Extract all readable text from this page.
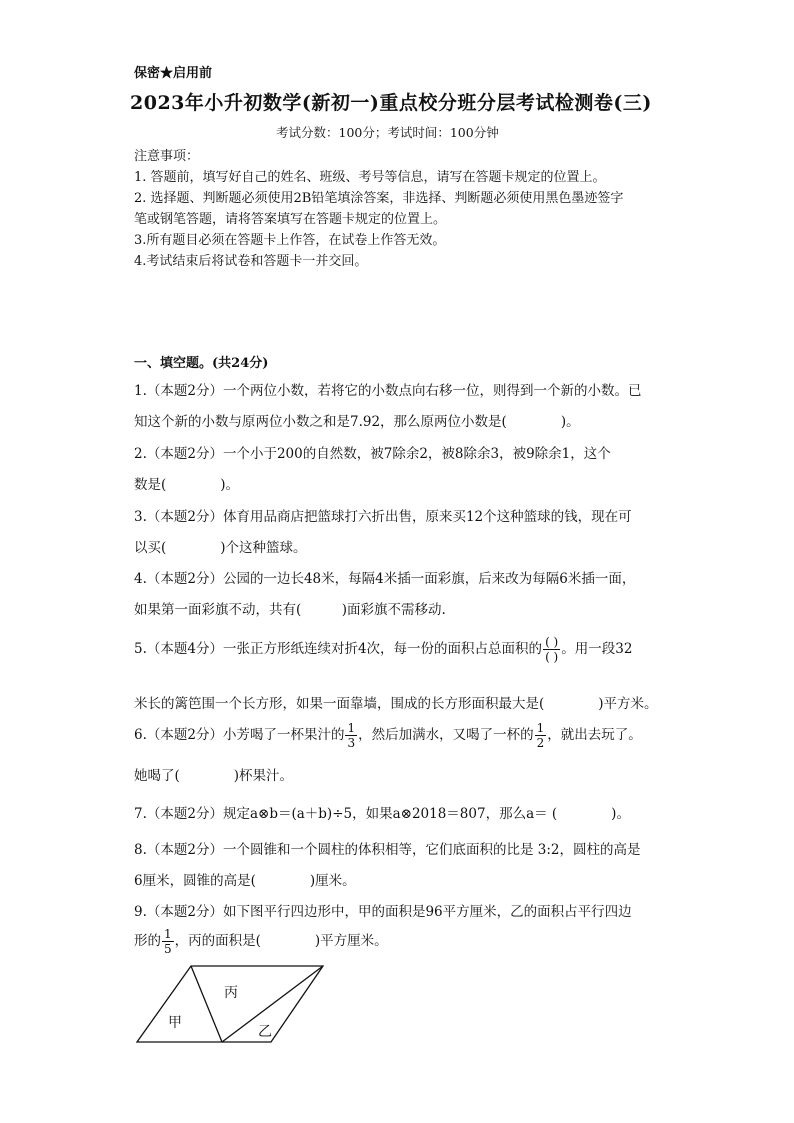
保密★启用前
2023年小升初数学(新初一)重点校分班分层考试检测卷(三)
考试分数：100分；考试时间：100分钟
注意事项：
1. 答题前，填写好自己的姓名、班级、考号等信息，请写在答题卡规定的位置上。
2. 选择题、判断题必须使用2B铅笔填涂答案，非选择、判断题必须使用黑色墨迹签字
笔或钢笔答题，请将答案填写在答题卡规定的位置上。
3.所有题目必须在答题卡上作答，在试卷上作答无效。
4.考试结束后将试卷和答题卡一并交回。
一、填空题。(共24分)
1.（本题2分）一个两位小数，若将它的小数点向右移一位，则得到一个新的小数。已
知这个新的小数与原两位小数之和是7.92，那么原两位小数是(　　　　)。
2.（本题2分）一个小于200的自然数，被7除余2，被8除余3，被9除余1，这个
数是(　　　　)。
3.（本题2分）体育用品商店把篮球打六折出售，原来买12个这种篮球的钱，现在可
以买(　　　　)个这种篮球。
4.（本题2分）公园的一边长48米，每隔4米插一面彩旗，后来改为每隔6米插一面，
如果第一面彩旗不动，共有(　　　)面彩旗不需移动.
5.（本题4分）一张正方形纸连续对折4次，每一份的面积占总面积的 $\frac{( )}{( )}$ 。用一段32
米长的篱笆围一个长方形，如果一面靠墙，围成的长方形面积最大是(　　　　)平方米。
6.（本题2分）小芳喝了一杯果汁的 $\frac{1}{3}$ ，然后加满水，又喝了一杯的 $\frac{1}{2}$ ，就出去玩了。
她喝了(　　　　)杯果汁。
7.（本题2分）规定a⊗b＝(a＋b)÷5，如果a⊗2018＝807，那么a＝ (　　　　)。
8.（本题2分）一个圆锥和一个圆柱的体积相等，它们底面积的比是 3:2，圆柱的高是
6厘米，圆锥的高是(　　　　)厘米。
9.（本题2分）如下图平行四边形中，甲的面积是96平方厘米，乙的面积占平行四边
形的 $\frac{1}{5}$ ，丙的面积是(　　　　)平方厘米。
甲
丙
乙
